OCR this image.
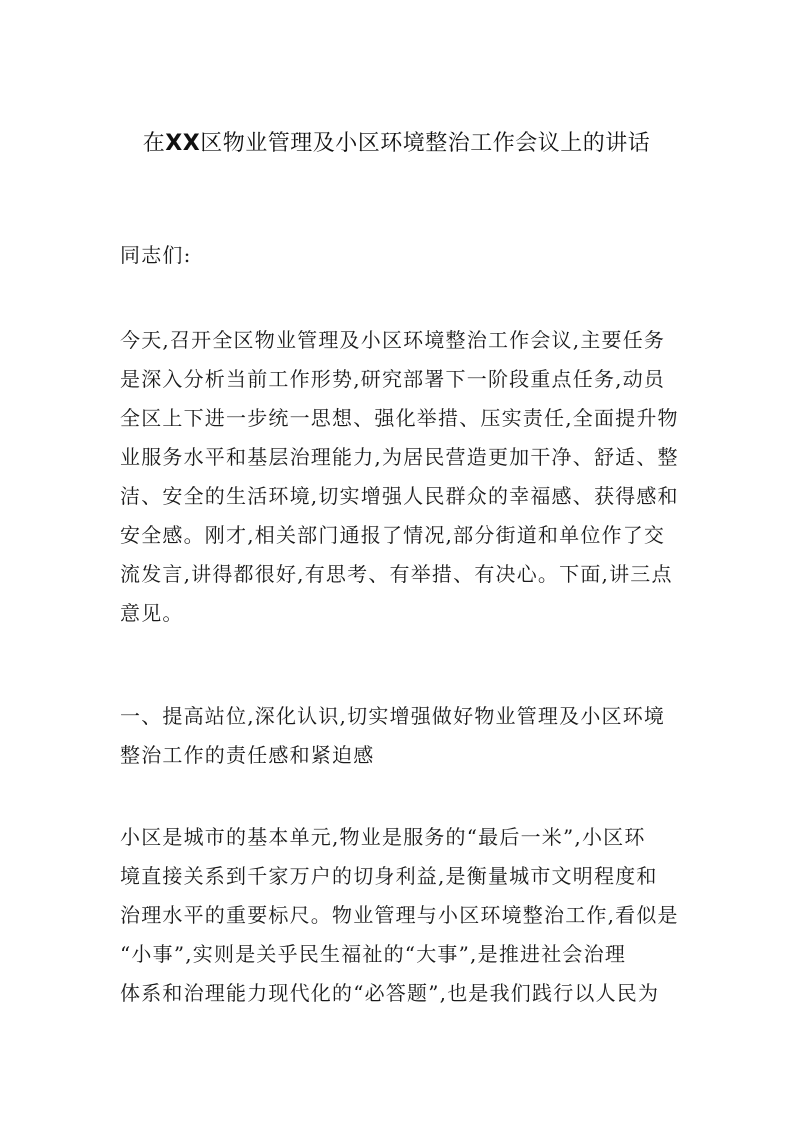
在XX区物业管理及小区环境整治工作会议上的讲话
同志们:
今天,召开全区物业管理及小区环境整治工作会议,主要任务
是深入分析当前工作形势,研究部署下一阶段重点任务,动员
全区上下进一步统一思想、强化举措、压实责任,全面提升物
业服务水平和基层治理能力,为居民营造更加干净、舒适、整
洁、安全的生活环境,切实增强人民群众的幸福感、获得感和
安全感。刚才,相关部门通报了情况,部分街道和单位作了交
流发言,讲得都很好,有思考、有举措、有决心。下面,讲三点
意见。
一、提高站位,深化认识,切实增强做好物业管理及小区环境
整治工作的责任感和紧迫感
小区是城市的基本单元,物业是服务的“最后一米”,小区环
境直接关系到千家万户的切身利益,是衡量城市文明程度和
治理水平的重要标尺。物业管理与小区环境整治工作,看似是
“小事”,实则是关乎民生福祉的“大事”,是推进社会治理
体系和治理能力现代化的“必答题”,也是我们践行以人民为
